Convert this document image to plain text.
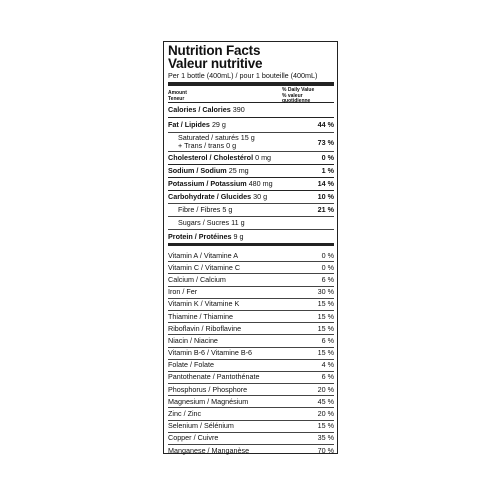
Nutrition Facts
Valeur nutritive
Per 1 bottle (400mL) / pour 1 bouteille (400mL)
Amount
Teneur
% Daily Value
% valeur
quotidienne
Calories / Calories 390
Fat / Lipides 29 g	44 %
Saturated / saturés 15 g
+ Trans / trans 0 g	73 %
Cholesterol / Cholestérol 0 mg	0 %
Sodium / Sodium 25 mg	1 %
Potassium / Potassium 480 mg	14 %
Carbohydrate / Glucides 30 g	10 %
Fibre / Fibres 5 g	21 %
Sugars / Sucres 11 g
Protein / Protéines 9 g
Vitamin A / Vitamine A	0 %
Vitamin C / Vitamine C	0 %
Calcium / Calcium	6 %
Iron / Fer	30 %
Vitamin K / Vitamine K	15 %
Thiamine / Thiamine	15 %
Riboflavin / Riboflavine	15 %
Niacin / Niacine	6 %
Vitamin B-6 / Vitamine B-6	15 %
Folate / Folate	4 %
Pantothenate / Pantothénate	6 %
Phosphorus / Phosphore	20 %
Magnesium / Magnésium	45 %
Zinc / Zinc	20 %
Selenium / Sélénium	15 %
Copper / Cuivre	35 %
Manganese / Manganèse	70 %
